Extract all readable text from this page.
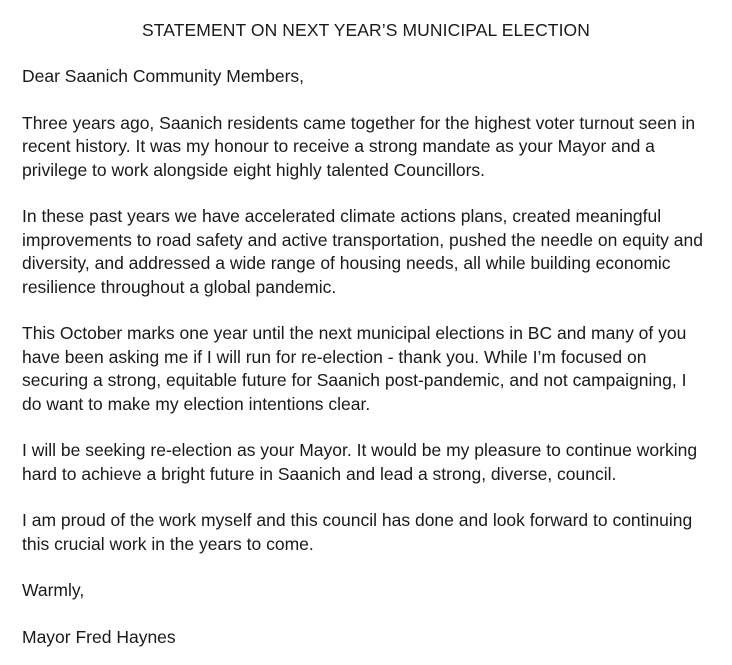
STATEMENT ON NEXT YEAR’S MUNICIPAL ELECTION

Dear Saanich Community Members,

Three years ago, Saanich residents came together for the highest voter turnout seen in recent history. It was my honour to receive a strong mandate as your Mayor and a privilege to work alongside eight highly talented Councillors.

In these past years we have accelerated climate actions plans, created meaningful improvements to road safety and active transportation, pushed the needle on equity and diversity, and addressed a wide range of housing needs, all while building economic resilience throughout a global pandemic.

This October marks one year until the next municipal elections in BC and many of you have been asking me if I will run for re-election - thank you. While I’m focused on securing a strong, equitable future for Saanich post-pandemic, and not campaigning, I do want to make my election intentions clear.

I will be seeking re-election as your Mayor. It would be my pleasure to continue working hard to achieve a bright future in Saanich and lead a strong, diverse, council.

I am proud of the work myself and this council has done and look forward to continuing this crucial work in the years to come.

Warmly,

Mayor Fred Haynes
